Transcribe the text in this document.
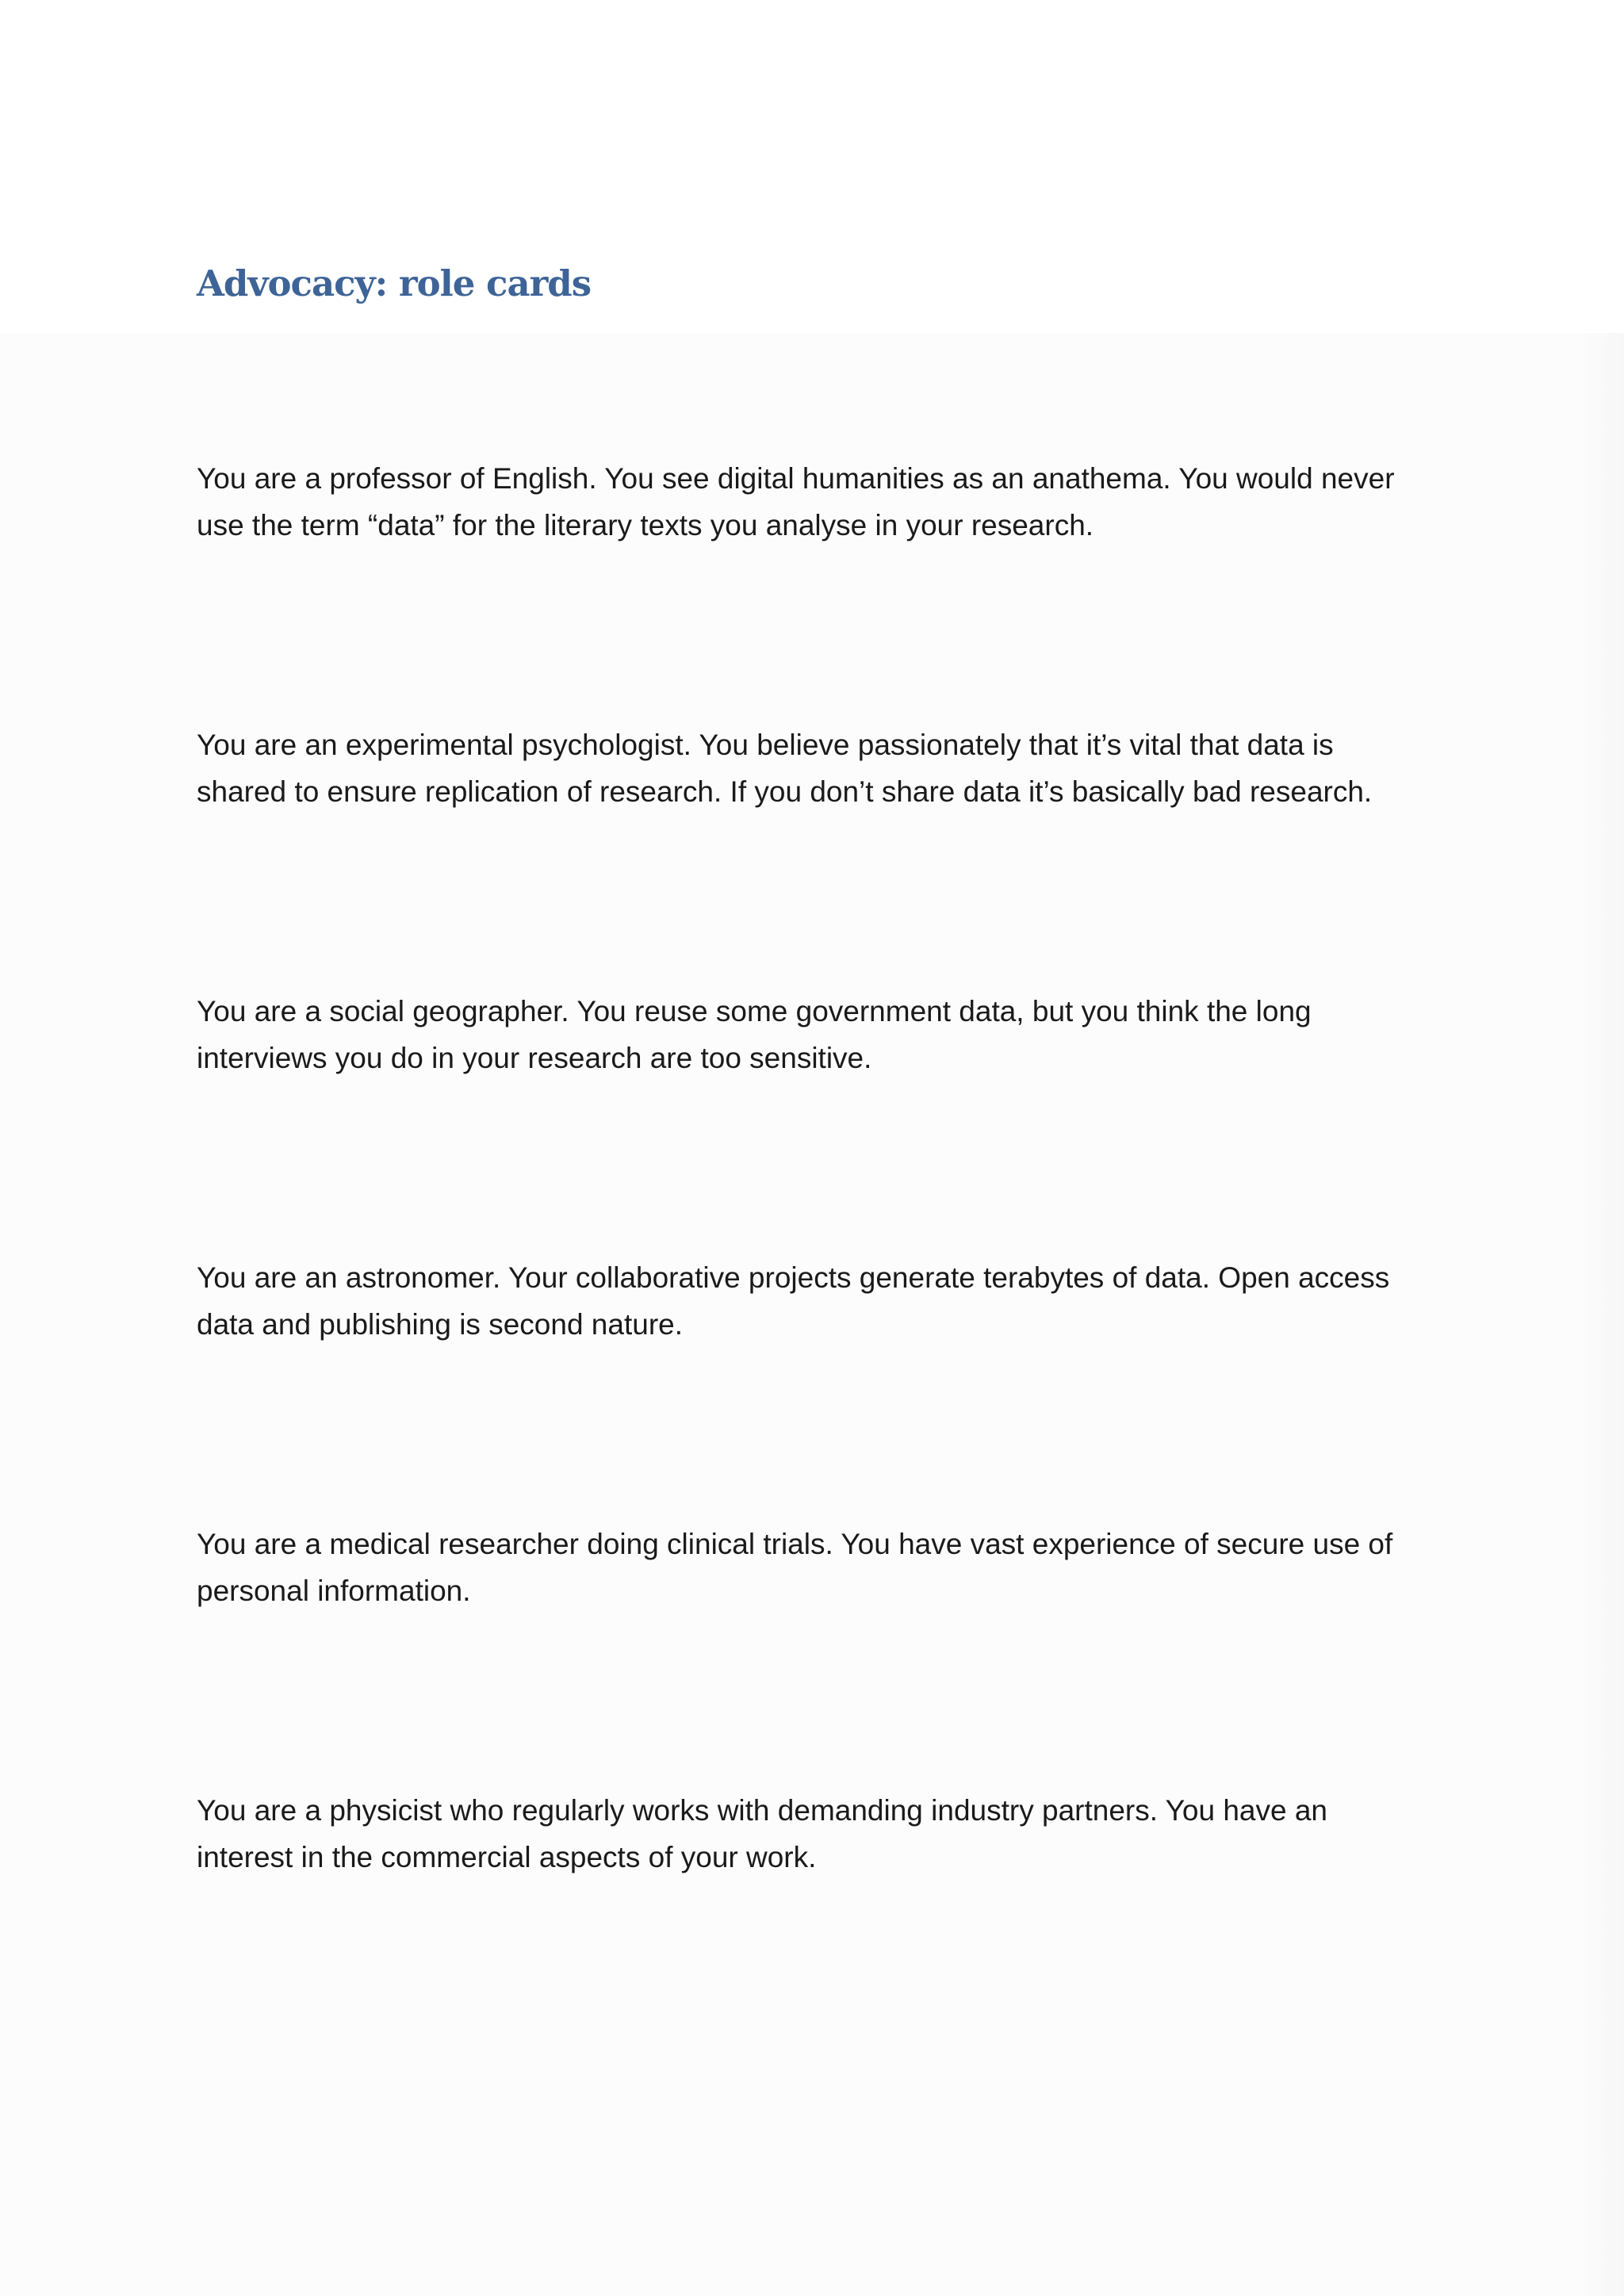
Advocacy: role cards

You are a professor of English. You see digital humanities as an anathema. You would never
use the term “data” for the literary texts you analyse in your research.

You are an experimental psychologist. You believe passionately that it’s vital that data is
shared to ensure replication of research. If you don’t share data it’s basically bad research.

You are a social geographer. You reuse some government data, but you think the long
interviews you do in your research are too sensitive.

You are an astronomer. Your collaborative projects generate terabytes of data. Open access
data and publishing is second nature.

You are a medical researcher doing clinical trials. You have vast experience of secure use of
personal information.

You are a physicist who regularly works with demanding industry partners. You have an
interest in the commercial aspects of your work.
